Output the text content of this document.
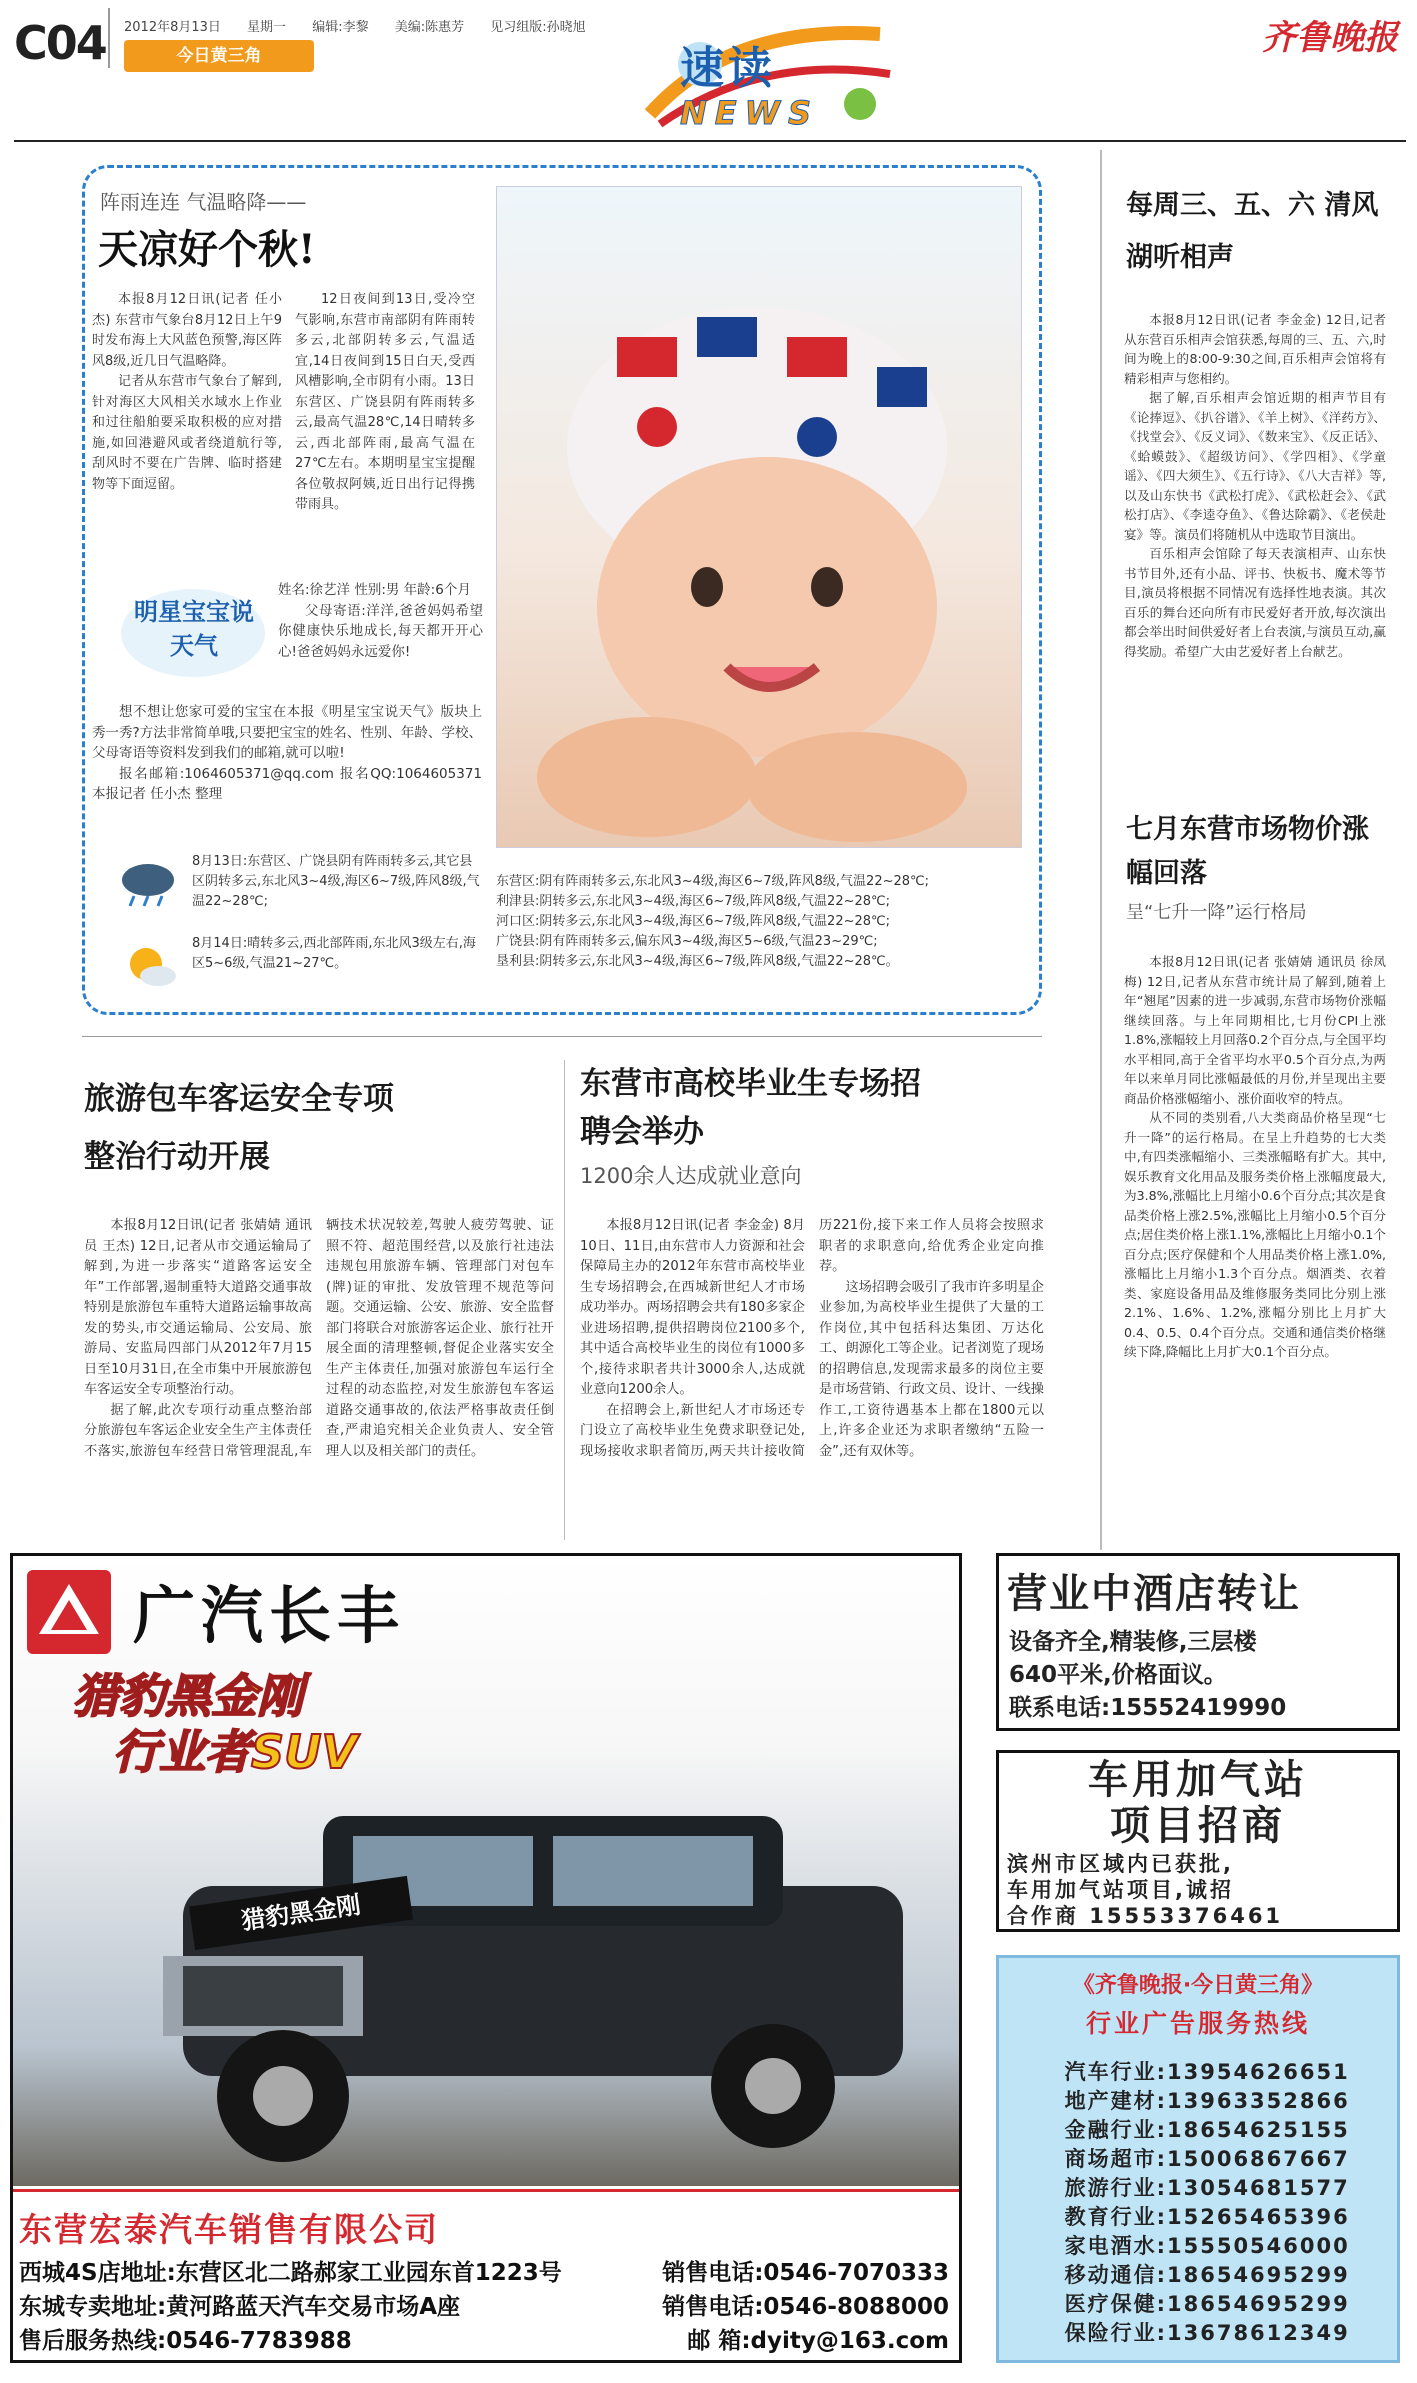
C04 2012年8月13日 星期一 编辑:李黎 美编:陈惠芳 见习组版:孙晓旭
今日黄三角	速读
NEWS
齐鲁晚报
阵雨连连 气温略降——
天凉好个秋!

本报8月12日讯(记者 任小杰) 东营市气象台8月12日上午9时发布海上大风蓝色预警,海区阵风8级,近几日气温略降。

记者从东营市气象台了解到,针对海区大风相关水域水上作业和过往船舶要采取积极的应对措施,如回港避风或者绕道航行等,刮风时不要在广告牌、临时搭建物等下面逗留。

12日夜间到13日,受冷空气影响,东营市南部阴有阵雨转多云,北部阴转多云,气温适宜,14日夜间到15日白天,受西风槽影响,全市阴有小雨。13日东营区、广饶县阴有阵雨转多云,最高气温28℃,14日晴转多云,西北部阵雨,最高气温在27℃左右。本期明星宝宝提醒各位敬叔阿姨,近日出行记得携带雨具。

明星宝宝说天气
姓名:徐艺洋 性别:男 年龄:6个月

父母寄语:洋洋,爸爸妈妈希望你健康快乐地成长,每天都开开心心!爸爸妈妈永远爱你!

想不想让您家可爱的宝宝在本报《明星宝宝说天气》版块上秀一秀?方法非常简单哦,只要把宝宝的姓名、性别、年龄、学校、父母寄语等资料发到我们的邮箱,就可以啦!

报名邮箱:1064605371@qq.com 报名QQ:1064605371 本报记者 任小杰 整理

8月13日:东营区、广饶县阴有阵雨转多云,其它县区阴转多云,东北风3~4级,海区6~7级,阵风8级,气温22~28℃;
8月14日:晴转多云,西北部阵雨,东北风3级左右,海区5~6级,气温21~27℃。
东营区:阴有阵雨转多云,东北风3~4级,海区6~7级,阵风8级,气温22~28℃;
利津县:阴转多云,东北风3~4级,海区6~7级,阵风8级,气温22~28℃;
河口区:阴转多云,东北风3~4级,海区6~7级,阵风8级,气温22~28℃;
广饶县:阴有阵雨转多云,偏东风3~4级,海区5~6级,气温23~29℃;
垦利县:阴转多云,东北风3~4级,海区6~7级,阵风8级,气温22~28℃。
每周三、五、六 清风湖听相声

本报8月12日讯(记者 李金金) 12日,记者从东营百乐相声会馆获悉,每周的三、五、六,时间为晚上的8:00-9:30之间,百乐相声会馆将有精彩相声与您相约。

据了解,百乐相声会馆近期的相声节目有《论捧逗》、《扒谷谱》、《羊上树》、《洋药方》、《找堂会》、《反义词》、《数来宝》、《反正话》、《蛤蟆鼓》、《超级访问》、《学四相》、《学童谣》、《四大须生》、《五行诗》、《八大吉祥》等,以及山东快书《武松打虎》、《武松赶会》、《武松打店》、《李逵夺鱼》、《鲁达除霸》、《老侯赴宴》等。演员们将随机从中选取节目演出。

百乐相声会馆除了每天表演相声、山东快书节目外,还有小品、评书、快板书、魔术等节目,演员将根据不同情况有选择性地表演。其次百乐的舞台还向所有市民爱好者开放,每次演出都会举出时间供爱好者上台表演,与演员互动,赢得奖励。希望广大由艺爱好者上台献艺。

七月东营市场物价涨幅回落
呈“七升一降”运行格局

本报8月12日讯(记者 张婧婧 通讯员 徐凤梅) 12日,记者从东营市统计局了解到,随着上年“翘尾”因素的进一步减弱,东营市场物价涨幅继续回落。与上年同期相比,七月份CPI上涨1.8%,涨幅较上月回落0.2个百分点,与全国平均水平相同,高于全省平均水平0.5个百分点,为两年以来单月同比涨幅最低的月份,并呈现出主要商品价格涨幅缩小、涨价面收窄的特点。

从不同的类别看,八大类商品价格呈现“七升一降”的运行格局。在呈上升趋势的七大类中,有四类涨幅缩小、三类涨幅略有扩大。其中,娱乐教育文化用品及服务类价格上涨幅度最大,为3.8%,涨幅比上月缩小0.6个百分点;其次是食品类价格上涨2.5%,涨幅比上月缩小0.5个百分点;居住类价格上涨1.1%,涨幅比上月缩小0.1个百分点;医疗保健和个人用品类价格上涨1.0%,涨幅比上月缩小1.3个百分点。烟酒类、衣着类、家庭设备用品及维修服务类同比分别上涨2.1%、1.6%、1.2%,涨幅分别比上月扩大0.4、0.5、0.4个百分点。交通和通信类价格继续下降,降幅比上月扩大0.1个百分点。

旅游包车客运安全专项整治行动开展

本报8月12日讯(记者 张婧婧 通讯员 王杰) 12日,记者从市交通运输局了解到,为进一步落实“道路客运安全年”工作部署,遏制重特大道路交通事故特别是旅游包车重特大道路运输事故高发的势头,市交通运输局、公安局、旅游局、安监局四部门从2012年7月15日至10月31日,在全市集中开展旅游包车客运安全专项整治行动。

据了解,此次专项行动重点整治部分旅游包车客运企业安全生产主体责任不落实,旅游包车经营日常管理混乱,车辆技术状况较差,驾驶人疲劳驾驶、证照不符、超范围经营,以及旅行社违法违规包用旅游车辆、管理部门对包车(牌)证的审批、发放管理不规范等问题。交通运输、公安、旅游、安全监督部门将联合对旅游客运企业、旅行社开展全面的清理整顿,督促企业落实安全生产主体责任,加强对旅游包车运行全过程的动态监控,对发生旅游包车客运道路交通事故的,依法严格事故责任倒查,严肃追究相关企业负责人、安全管理人以及相关部门的责任。

东营市高校毕业生专场招聘会举办
1200余人达成就业意向

本报8月12日讯(记者 李金金) 8月10日、11日,由东营市人力资源和社会保障局主办的2012年东营市高校毕业生专场招聘会,在西城新世纪人才市场成功举办。两场招聘会共有180多家企业进场招聘,提供招聘岗位2100多个,其中适合高校毕业生的岗位有1000多个,接待求职者共计3000余人,达成就业意向1200余人。

在招聘会上,新世纪人才市场还专门设立了高校毕业生免费求职登记处,现场接收求职者简历,两天共计接收简历221份,接下来工作人员将会按照求职者的求职意向,给优秀企业定向推荐。

这场招聘会吸引了我市许多明星企业参加,为高校毕业生提供了大量的工作岗位,其中包括科达集团、万达化工、朗源化工等企业。记者浏览了现场的招聘信息,发现需求最多的岗位主要是市场营销、行政文员、设计、一线操作工,工资待遇基本上都在1800元以上,许多企业还为求职者缴纳“五险一金”,还有双休等。

广汽长丰
猎豹黑金刚
行业者SUV
猎豹黑金刚
东营宏泰汽车销售有限公司
西城4S店地址:东营区北二路郝家工业园东首1223号	销售电话:0546-7070333
东城专卖地址:黄河路蓝天汽车交易市场A座	销售电话:0546-8088000
售后服务热线:0546-7783988	邮 箱:dyity@163.com
营业中酒店转让
设备齐全,精装修,三层楼
640平米,价格面议。
联系电话:15552419990
车用加气站
项目招商
滨州市区域内已获批,
车用加气站项目,诚招
合作商 15553376461
《齐鲁晚报·今日黄三角》
行业广告服务热线
汽车行业: 13954626651
地产建材: 13963352866
金融行业: 18654625155
商场超市: 15006867667
旅游行业: 13054681577
教育行业: 15265465396
家电酒水: 15550546000
移动通信: 18654695299
医疗保健: 18654695299
保险行业: 13678612349
